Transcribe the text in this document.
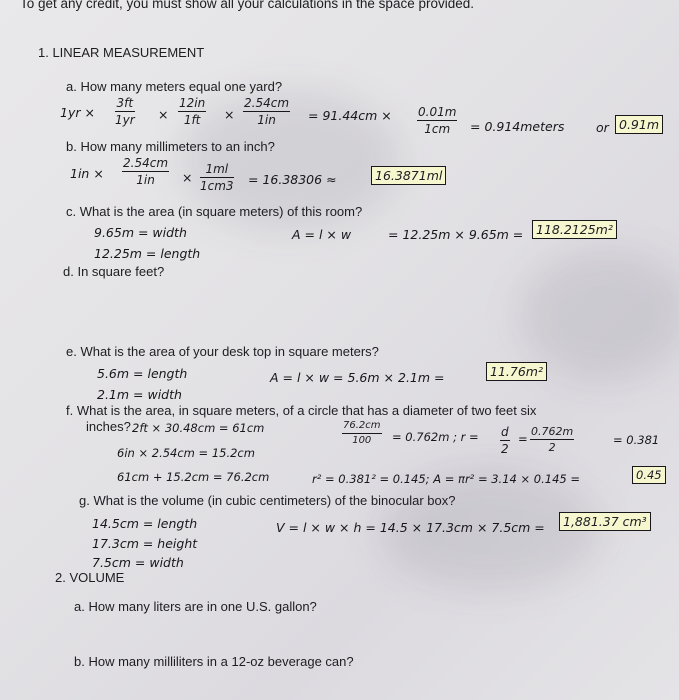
To get any credit, you must show all your calculations in the space provided.
1. LINEAR MEASUREMENT
a. How many meters equal one yard?
$1yr \times \frac{3ft}{1yr} \times \frac{12in}{1ft} \times \frac{2.54cm}{1in} = 91.44cm \times \frac{0.01m}{1cm}$ = 0.914meters	or 0.91m
b. How many millimeters to an inch?
$1in \times \frac{2.54cm}{1in} \times \frac{1ml}{1cm3} = 16.38306$ ≈	16.3871ml
c. What is the area (in square meters) of this room?
9.65m = width
12.25m = length
A = l × w	= 12.25m × 9.65m =	118.2125m²
d. In square feet?
e. What is the area of your desk top in square meters?
5.6m = length
2.1m = width
A = l × w = 5.6m × 2.1m =	11.76m²
f. What is the area, in square meters, of a circle that has a diameter of two feet six
inches? 2ft × 30.48cm = 61cm
6in × 2.54cm = 15.2cm
61cm + 15.2cm = 76.2cm
$\frac{76.2cm}{100} = 0.762m$ ; $r = \frac{d}{2} = \frac{0.762m}{2}$	= 0.381
r² = 0.381² = 0.145; A = πr² = 3.14 × 0.145 =	0.45
g. What is the volume (in cubic centimeters) of the binocular box?
14.5cm = length
17.3cm = height
7.5cm = width
V = l × w × h = 14.5 × 17.3cm × 7.5cm =	1,881.37 cm³
2. VOLUME
a. How many liters are in one U.S. gallon?
b. How many milliliters in a 12-oz beverage can?
